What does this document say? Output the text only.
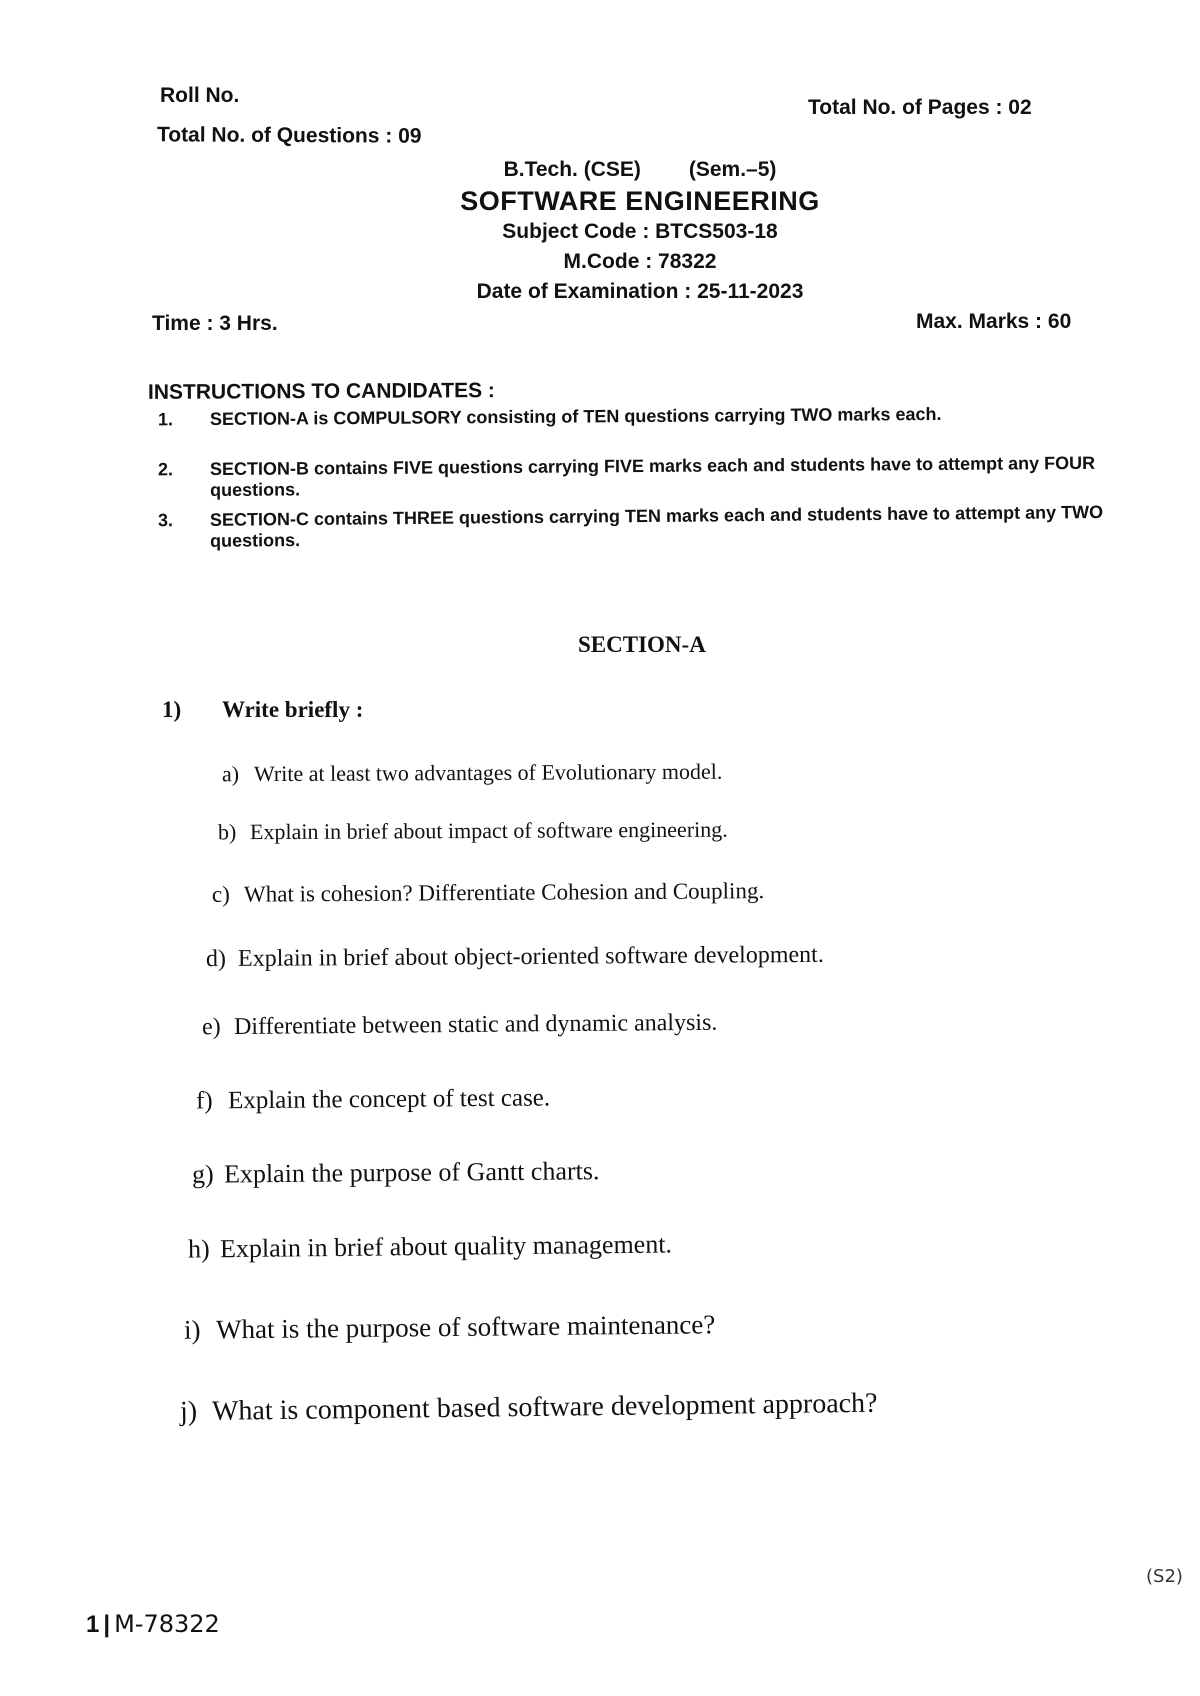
Roll No.
Total No. of Pages : 02
Total No. of Questions : 09
B.Tech. (CSE) (Sem.–5)
SOFTWARE ENGINEERING
Subject Code : BTCS503-18
M.Code : 78322
Date of Examination : 25-11-2023
Time : 3 Hrs.	Max. Marks : 60
INSTRUCTIONS TO CANDIDATES :
1. SECTION-A is COMPULSORY consisting of TEN questions carrying TWO marks each.
2. SECTION-B contains FIVE questions carrying FIVE marks each and students have to attempt any FOUR questions.
3. SECTION-C contains THREE questions carrying TEN marks each and students have to attempt any TWO questions.
SECTION-A
1) Write briefly :
a) Write at least two advantages of Evolutionary model.
b) Explain in brief about impact of software engineering.
c) What is cohesion? Differentiate Cohesion and Coupling.
d) Explain in brief about object-oriented software development.
e) Differentiate between static and dynamic analysis.
f) Explain the concept of test case.
g) Explain the purpose of Gantt charts.
h) Explain in brief about quality management.
i) What is the purpose of software maintenance?
j) What is component based software development approach?
(S2)
1 | M-78322
